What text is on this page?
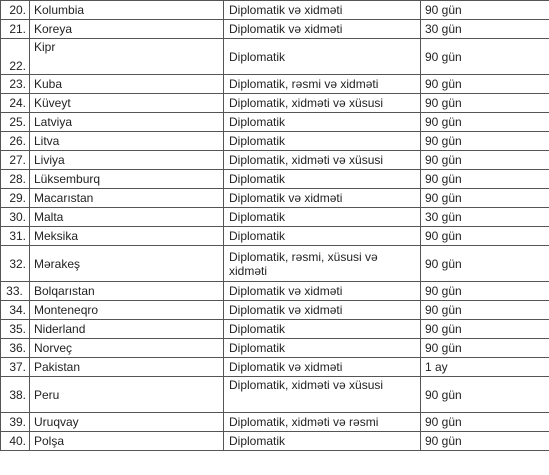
20.	Kolumbia	Diplomatik və xidməti	90 gün
21.	Koreya	Diplomatik və xidməti	30 gün
22.	Kipr	Diplomatik	90 gün
23.	Kuba	Diplomatik, rəsmi və xidməti	90 gün
24.	Küveyt	Diplomatik, xidməti və xüsusi	90 gün
25.	Latviya	Diplomatik	90 gün
26.	Litva	Diplomatik	90 gün
27.	Liviya	Diplomatik, xidməti və xüsusi	90 gün
28.	Lüksemburq	Diplomatik	90 gün
29.	Macarıstan	Diplomatik və xidməti	90 gün
30.	Malta	Diplomatik	30 gün
31.	Meksika	Diplomatik	90 gün
32.	Mərakeş	Diplomatik, rəsmi, xüsusi və xidməti	90 gün
33.	Bolqarıstan	Diplomatik və xidməti	90 gün
34.	Monteneqro	Diplomatik və xidməti	90 gün
35.	Niderland	Diplomatik	90 gün
36.	Norveç	Diplomatik	90 gün
37.	Pakistan	Diplomatik və xidməti	1 ay
38.	Peru	Diplomatik, xidməti və xüsusi	90 gün
39.	Uruqvay	Diplomatik, xidməti və rəsmi	90 gün
40.	Polşa	Diplomatik	90 gün
